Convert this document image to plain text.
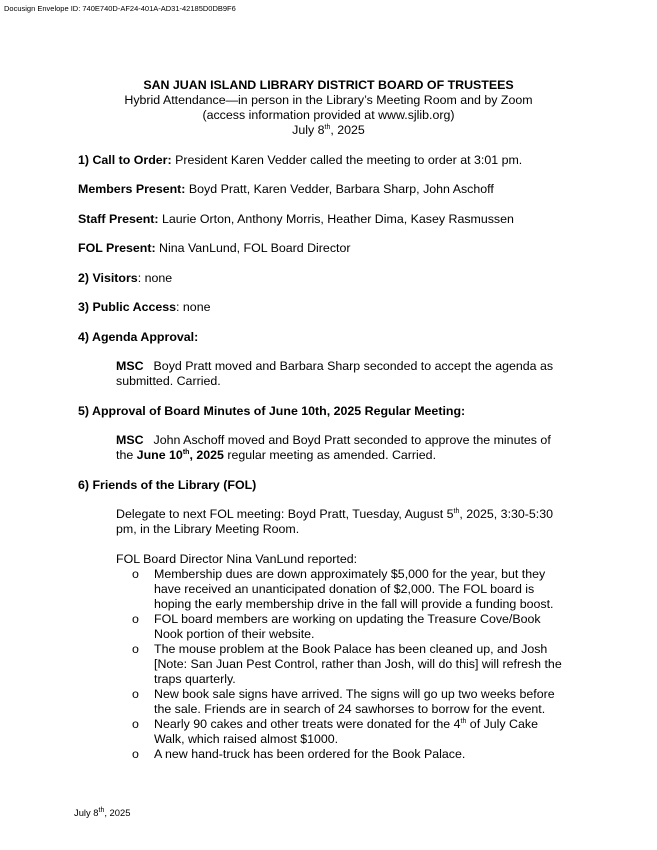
Docusign Envelope ID: 740E740D-AF24-401A-AD31-42185D0DB9F6
SAN JUAN ISLAND LIBRARY DISTRICT BOARD OF TRUSTEES
Hybrid Attendance—in person in the Library’s Meeting Room and by Zoom
(access information provided at www.sjlib.org)
July 8th, 2025
1) Call to Order: President Karen Vedder called the meeting to order at 3:01 pm.
Members Present: Boyd Pratt, Karen Vedder, Barbara Sharp, John Aschoff
Staff Present: Laurie Orton, Anthony Morris, Heather Dima, Kasey Rasmussen
FOL Present: Nina VanLund, FOL Board Director
2) Visitors: none
3) Public Access: none
4) Agenda Approval:
MSC Boyd Pratt moved and Barbara Sharp seconded to accept the agenda as
submitted. Carried.
5) Approval of Board Minutes of June 10th, 2025 Regular Meeting:
MSC John Aschoff moved and Boyd Pratt seconded to approve the minutes of
the June 10th, 2025 regular meeting as amended. Carried.
6) Friends of the Library (FOL)
Delegate to next FOL meeting: Boyd Pratt, Tuesday, August 5th, 2025, 3:30-5:30
pm, in the Library Meeting Room.
FOL Board Director Nina VanLund reported:
o Membership dues are down approximately $5,000 for the year, but they
have received an unanticipated donation of $2,000. The FOL board is
hoping the early membership drive in the fall will provide a funding boost.
o FOL board members are working on updating the Treasure Cove/Book
Nook portion of their website.
o The mouse problem at the Book Palace has been cleaned up, and Josh
[Note: San Juan Pest Control, rather than Josh, will do this] will refresh the
traps quarterly.
o New book sale signs have arrived. The signs will go up two weeks before
the sale. Friends are in search of 24 sawhorses to borrow for the event.
o Nearly 90 cakes and other treats were donated for the 4th of July Cake
Walk, which raised almost $1000.
o A new hand-truck has been ordered for the Book Palace.
July 8th, 2025
